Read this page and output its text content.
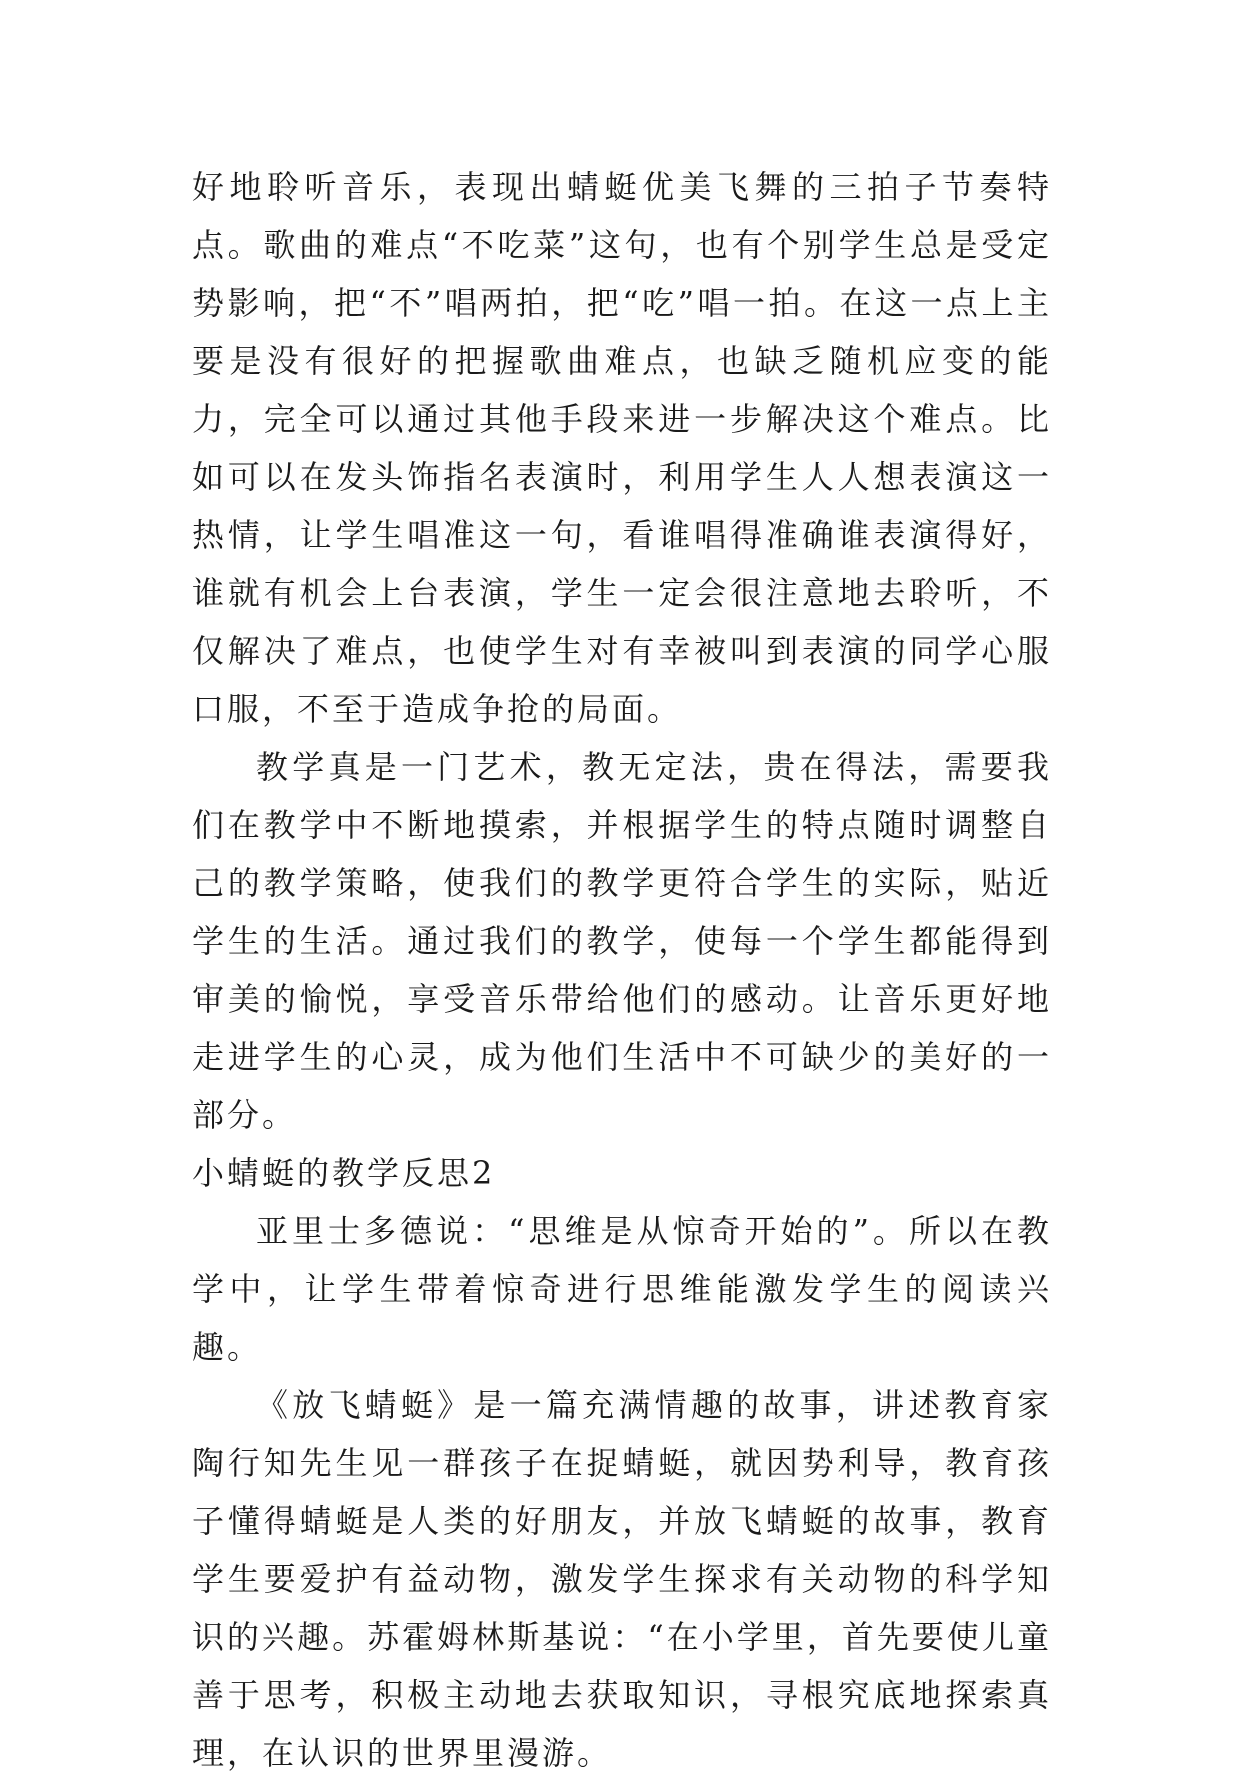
好地聆听音乐，表现出蜻蜓优美飞舞的三拍子节奏特点。歌曲的难点“不吃菜”这句，也有个别学生总是受定势影响，把“不”唱两拍，把“吃”唱一拍。在这一点上主要是没有很好的把握歌曲难点，也缺乏随机应变的能力，完全可以通过其他手段来进一步解决这个难点。比如可以在发头饰指名表演时，利用学生人人想表演这一热情，让学生唱准这一句，看谁唱得准确谁表演得好，谁就有机会上台表演，学生一定会很注意地去聆听，不仅解决了难点，也使学生对有幸被叫到表演的同学心服口服，不至于造成争抢的局面。

教学真是一门艺术，教无定法，贵在得法，需要我们在教学中不断地摸索，并根据学生的特点随时调整自己的教学策略，使我们的教学更符合学生的实际，贴近学生的生活。通过我们的教学，使每一个学生都能得到审美的愉悦，享受音乐带给他们的感动。让音乐更好地走进学生的心灵，成为他们生活中不可缺少的美好的一部分。

小蜻蜓的教学反思2

亚里士多德说：“思维是从惊奇开始的”。所以在教学中，让学生带着惊奇进行思维能激发学生的阅读兴趣。

《放飞蜻蜓》是一篇充满情趣的故事，讲述教育家陶行知先生见一群孩子在捉蜻蜓，就因势利导，教育孩子懂得蜻蜓是人类的好朋友，并放飞蜻蜓的故事，教育学生要爱护有益动物，激发学生探求有关动物的科学知识的兴趣。苏霍姆林斯基说：“在小学里，首先要使儿童善于思考，积极主动地去获取知识，寻根究底地探索真理，在认识的世界里漫游。
